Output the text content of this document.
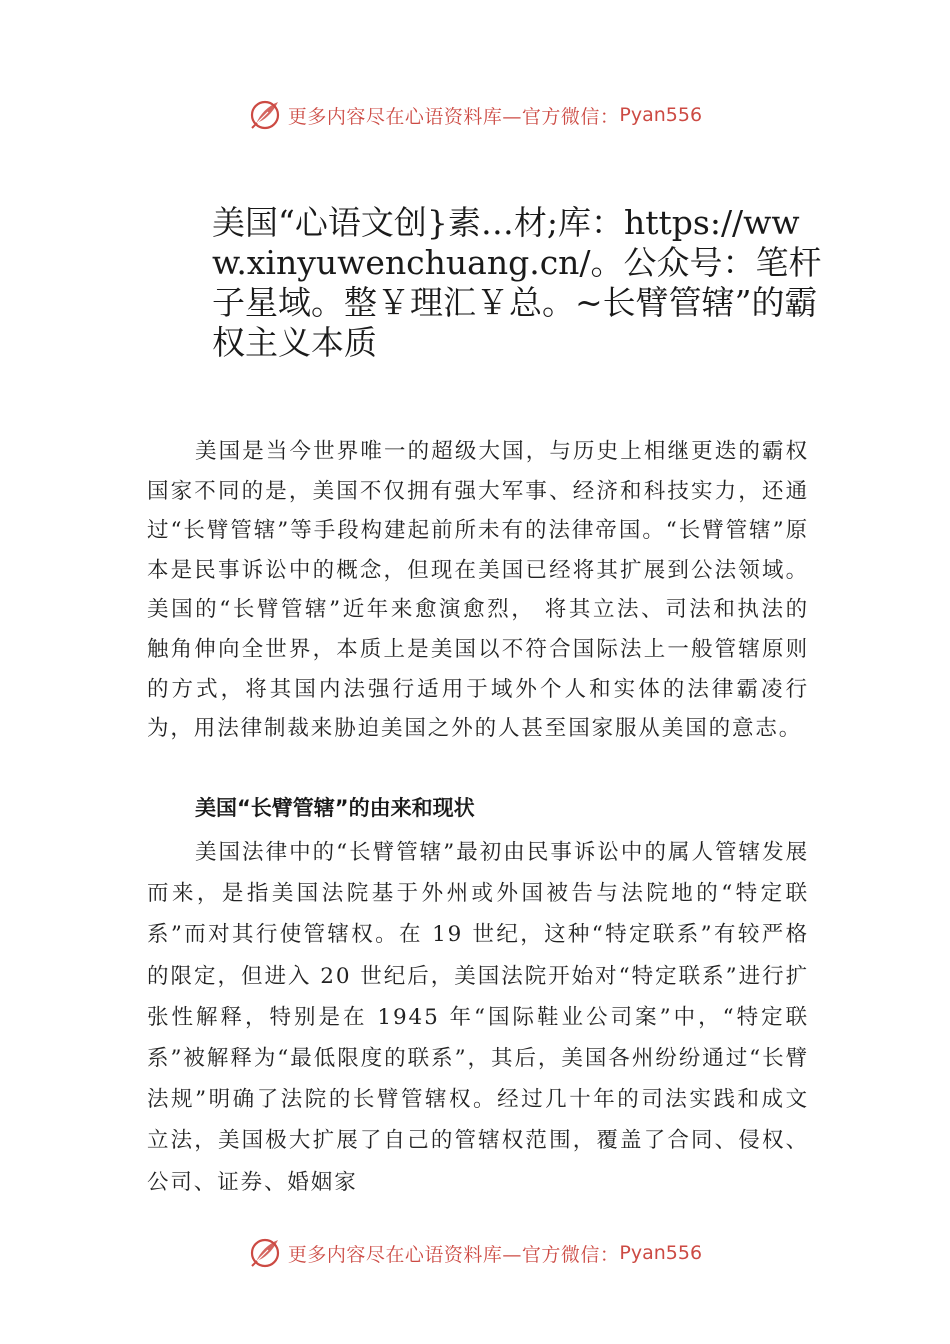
更多内容尽在心语资料库—官方微信： Pyan556
美国“心语文创}素…材;库：https://www.xinyuwenchuang.cn/。公众号：笔杆子星域。整￥理汇￥总。~长臂管辖”的霸权主义本质

美国是当今世界唯一的超级大国，与历史上相继更迭的霸权国家不同的是，美国不仅拥有强大军事、经济和科技实力，还通过“长臂管辖”等手段构建起前所未有的法律帝国。“长臂管辖”原本是民事诉讼中的概念，但现在美国已经将其扩展到公法领域。美国的“长臂管辖”近年来愈演愈烈， 将其立法、司法和执法的触角伸向全世界，本质上是美国以不符合国际法上一般管辖原则的方式，将其国内法强行适用于域外个人和实体的法律霸凌行为，用法律制裁来胁迫美国之外的人甚至国家服从美国的意志。

美国“长臂管辖”的由来和现状

美国法律中的“长臂管辖”最初由民事诉讼中的属人管辖发展而来，是指美国法院基于外州或外国被告与法院地的“特定联系”而对其行使管辖权。在 19 世纪，这种“特定联系”有较严格的限定，但进入 20 世纪后，美国法院开始对“特定联系”进行扩张性解释，特别是在 1945 年“国际鞋业公司案”中，“特定联系”被解释为“最低限度的联系”，其后，美国各州纷纷通过“长臂法规”明确了法院的长臂管辖权。经过几十年的司法实践和成文立法，美国极大扩展了自己的管辖权范围，覆盖了合同、侵权、公司、证券、婚姻家

更多内容尽在心语资料库—官方微信： Pyan556
